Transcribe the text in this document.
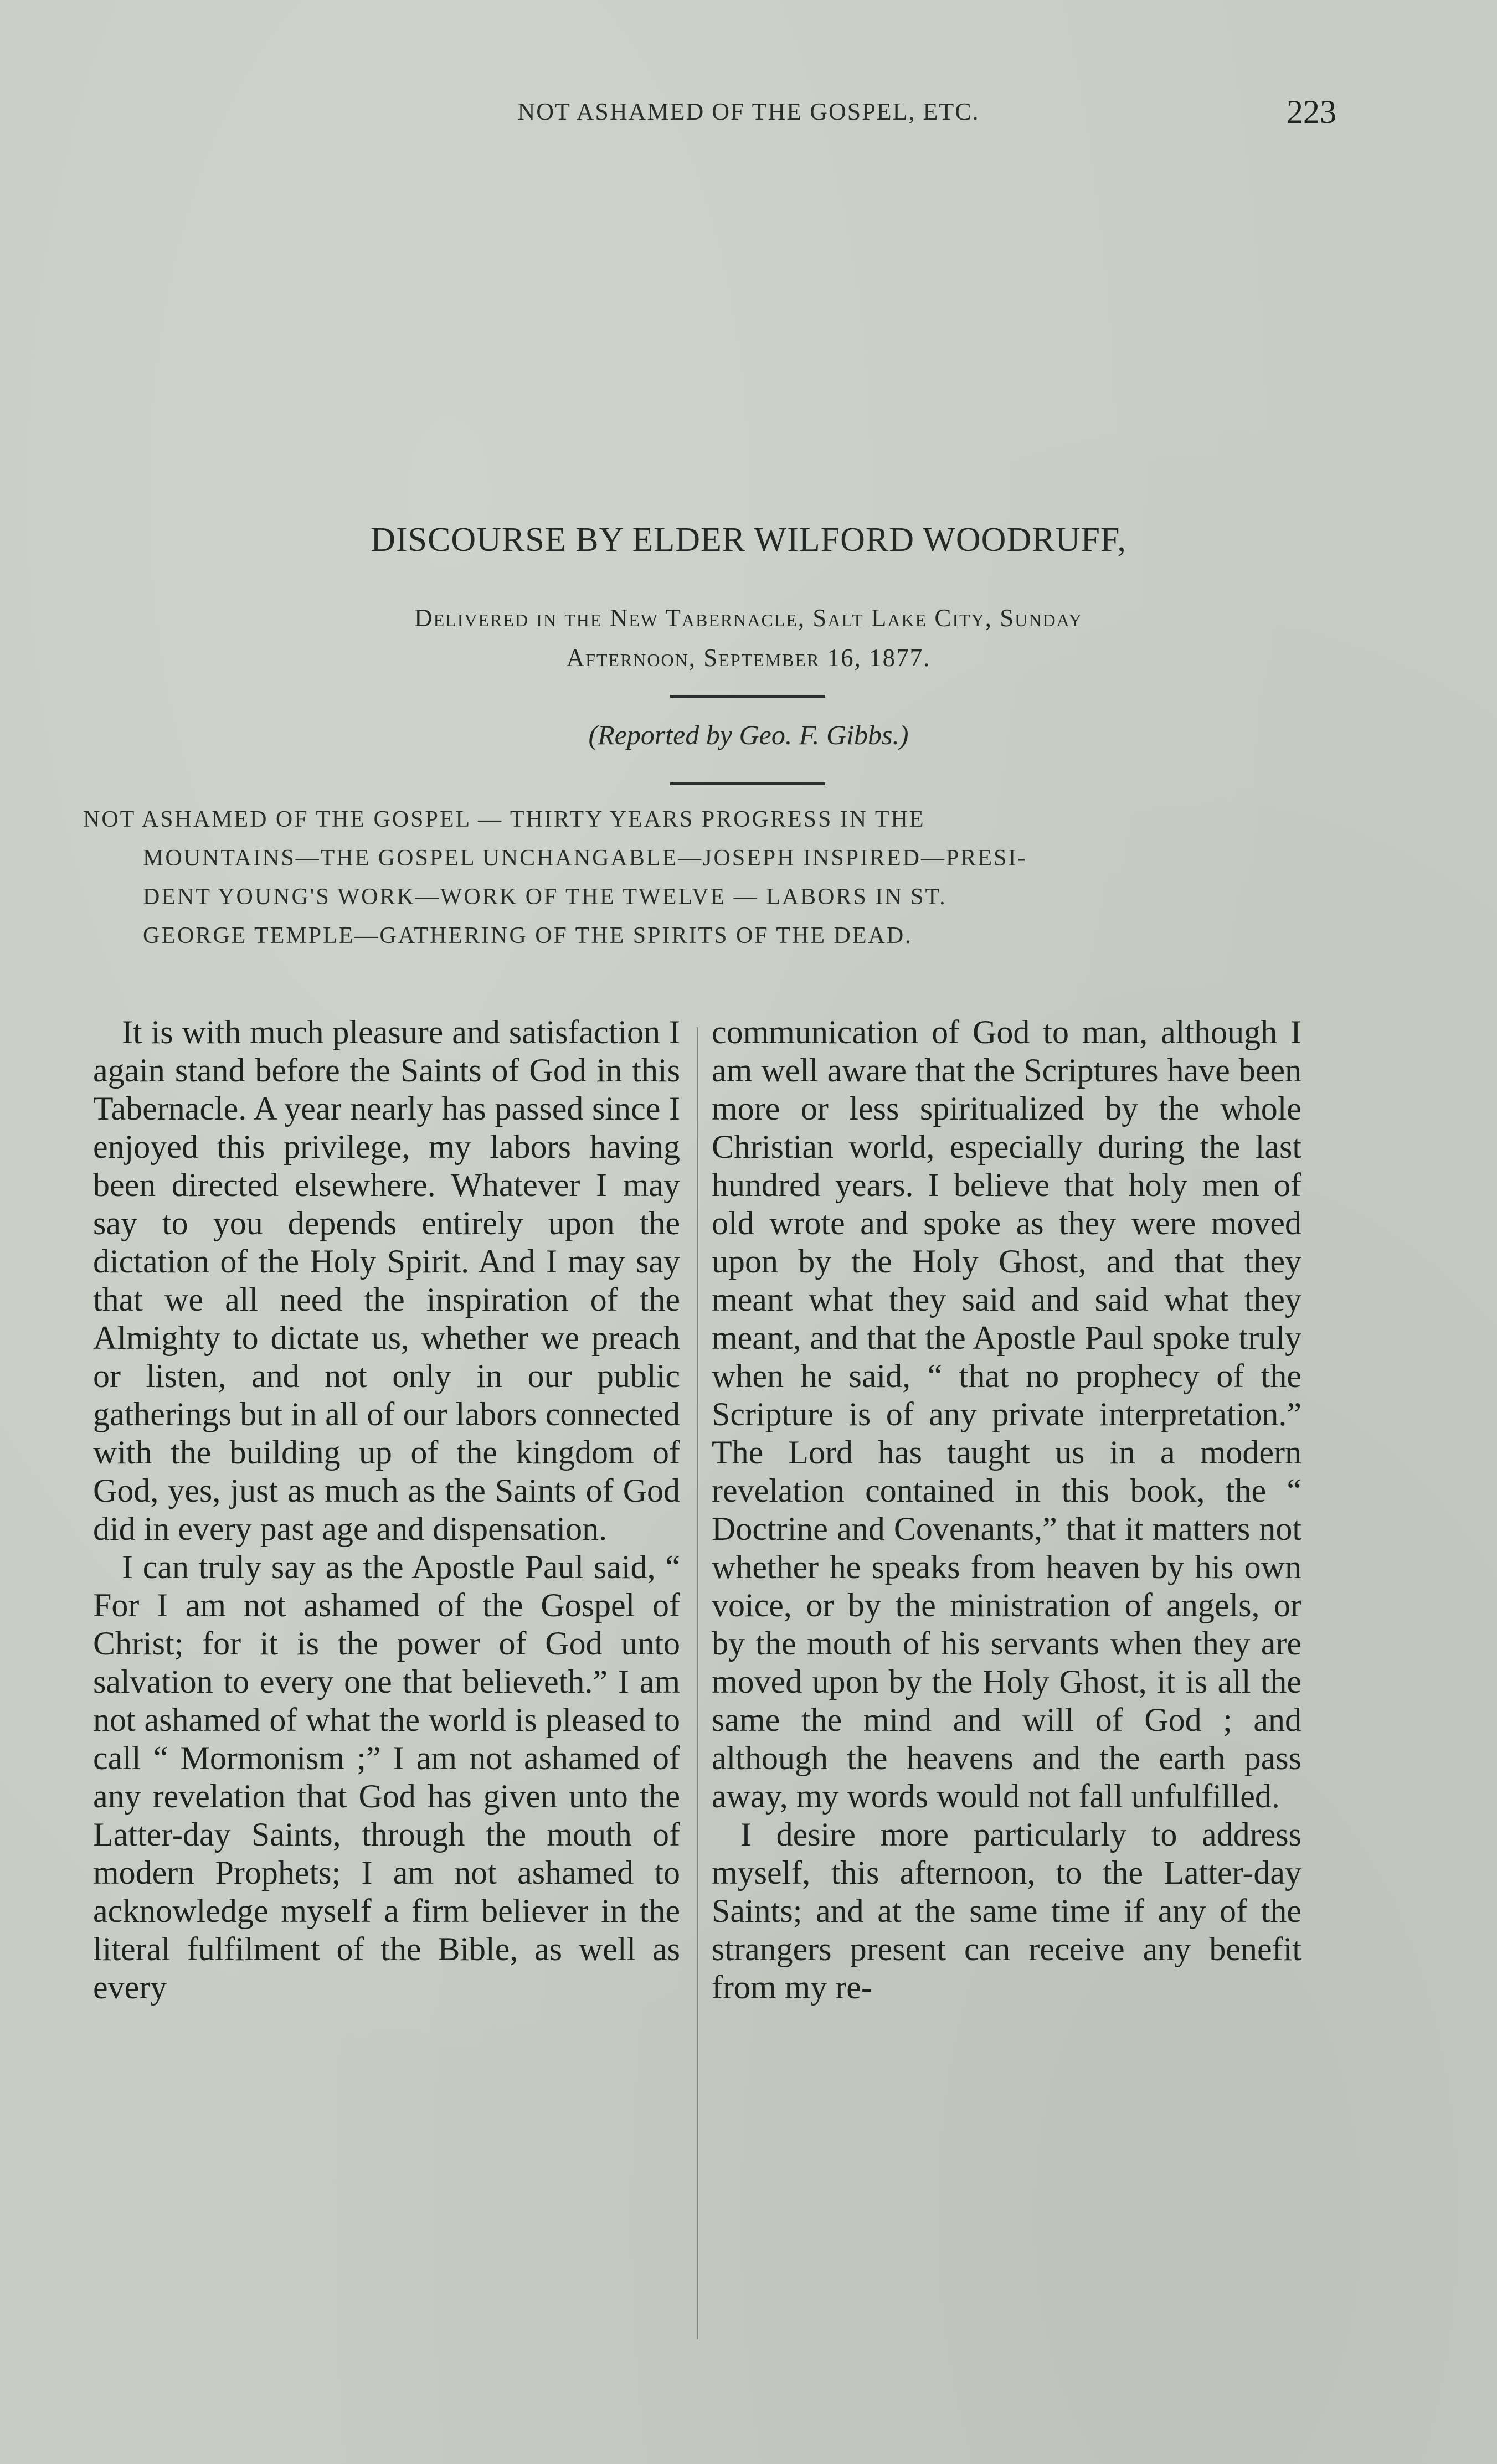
NOT ASHAMED OF THE GOSPEL, ETC.	223
DISCOURSE BY ELDER WILFORD WOODRUFF,
Delivered in the New Tabernacle, Salt Lake City, Sunday
Afternoon, September 16, 1877.
(Reported by Geo. F. Gibbs.)
NOT ASHAMED OF THE GOSPEL — THIRTY YEARS PROGRESS IN THE
MOUNTAINS—THE GOSPEL UNCHANGABLE—JOSEPH INSPIRED—PRESI-
DENT YOUNG'S WORK—WORK OF THE TWELVE — LABORS IN ST.
GEORGE TEMPLE—GATHERING OF THE SPIRITS OF THE DEAD.

It is with much pleasure and satisfaction I again stand before the Saints of God in this Tabernacle. A year nearly has passed since I enjoyed this privilege, my labors having been directed elsewhere. Whatever I may say to you depends entirely upon the dictation of the Holy Spirit. And I may say that we all need the inspiration of the Almighty to dictate us, whether we preach or listen, and not only in our public gatherings but in all of our labors connected with the building up of the kingdom of God, yes, just as much as the Saints of God did in every past age and dispensation.

I can truly say as the Apostle Paul said, “ For I am not ashamed of the Gospel of Christ; for it is the power of God unto salvation to every one that believeth.” I am not ashamed of what the world is pleased to call “ Mormonism ;” I am not ashamed of any revelation that God has given unto the Latter-day Saints, through the mouth of modern Prophets; I am not ashamed to acknowledge myself a firm believer in the literal fulfilment of the Bible, as well as every

communication of God to man, although I am well aware that the Scriptures have been more or less spiritualized by the whole Christian world, especially during the last hundred years. I believe that holy men of old wrote and spoke as they were moved upon by the Holy Ghost, and that they meant what they said and said what they meant, and that the Apostle Paul spoke truly when he said, “ that no prophecy of the Scripture is of any private interpretation.” The Lord has taught us in a modern revelation contained in this book, the “ Doctrine and Covenants,” that it matters not whether he speaks from heaven by his own voice, or by the ministration of angels, or by the mouth of his servants when they are moved upon by the Holy Ghost, it is all the same the mind and will of God ; and although the heavens and the earth pass away, my words would not fall unfulfilled.

I desire more particularly to address myself, this afternoon, to the Latter-day Saints; and at the same time if any of the strangers present can receive any benefit from my re-
